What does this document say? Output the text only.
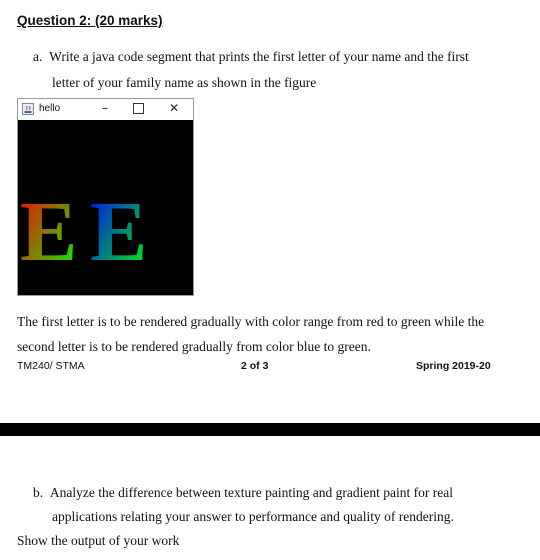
Question 2: (20 marks)
a. Write a java code segment that prints the first letter of your name and the first
letter of your family name as shown in the figure
hello	–	✕
E E
The first letter is to be rendered gradually with color range from red to green while the
second letter is to be rendered gradually from color blue to green.
TM240/ STMA	2 of 3	Spring 2019-20
b. Analyze the difference between texture painting and gradient paint for real
applications relating your answer to performance and quality of rendering.
Show the output of your work
